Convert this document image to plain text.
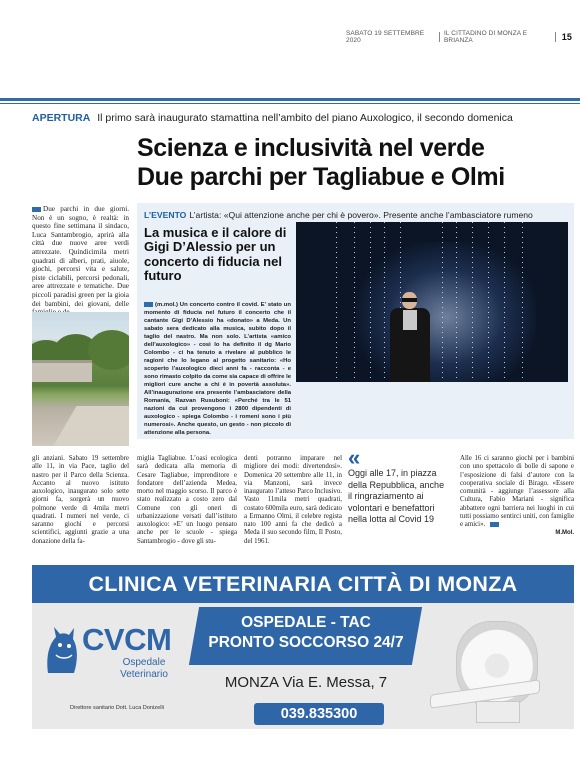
SABATO 19 SETTEMBRE 2020
IL CITTADINO DI MONZA E BRIANZA	15
APERTURA Il primo sarà inaugurato stamattina nell’ambito del piano Auxologico, il secondo domenica
Scienza e inclusività nel verde
Due parchi per Tagliabue e Olmi
Due parchi in due giorni. Non è un sogno, è realtà: in questo fine settimana il sindaco, Luca Santambrogio, aprirà alla città due nuove aree verdi attrezzate. Quindicimila metri quadrati di alberi, prati, aiuole, giochi, percorsi vita e salute, piste ciclabili, percorsi pedonali, aree attrezzate e tematiche. Due piccoli paradisi green per la gioia dei bambini, dei giovani, delle
L’EVENTO L’artista: «Qui attenzione anche per chi è povero». Presente anche l’ambasciatore rumeno
La musica e il calore di Gigi D’Alessio per un concerto di fiducia nel futuro
(m.mol.) Un concerto contro il covid. E’ stato un momento di fiducia nel futuro il concerto che il cantante Gigi D’Alessio ha «donato» a Meda. Un sabato sera dedicato alla musica, subito dopo il taglio del nastro. Ma non solo. L’artista «amico dell’auxologico» - così lo ha definito il dg Mario Colombo - ci ha tenuto a rivelare al pubblico le ragioni che lo legano al progetto sanitario: «Ho scoperto l’auxologico dieci anni fa - racconta - e sono rimasto colpito da come sia capace di offrire le migliori cure anche a chi è in povertà assoluta». All’inaugurazione era presente l’ambasciatore della Romania, Razvan Rusuboni: «Perché tra le 51 nazioni da cui provengono i 2800 dipendenti di auxologico - spiega Colombo - i romeni sono i più numerosi». Anche questo, un gesto - non piccolo di attenzione alla persona.
gli anziani. Sabato 19 settembre alle 11, in via Pace, taglio del nastro per il Parco della Scienza. Accanto al nuovo istituto auxologico, inaugurato solo sette giorni fa, sorgerà un nuovo polmone verde di 4mila metri quadrati. I numeri nel verde, ci saranno giochi e percorsi scientifici, aggiunti grazie a una donazione della fa-
miglia Tagliabue. L’oasi ecologica sarà dedicata alla memoria di Cesare Tagliabue, imprenditore e fondatore dell’azienda Medea, morto nel maggio scorso. Il parco è stato realizzato a costo zero dal Comune con gli oneri di urbanizzazione versati dall’istituto auxologico: «E’ un luogo pensato anche per le scuole - spiega Santambrogio - dove gli stu-
denti potranno imparare nel migliore dei modi: divertendosi». Domenica 20 settembre alle 11, in via Manzoni, sarà invece inaugurato l’atteso Parco Inclusivo. Vasto 11mila metri quadrati, costato 600mila euro, sarà dedicato a Ermanno Olmi, il celebre regista nato 100 anni fa che dedicò a Meda il suo secondo film, Il Posto, del 1961.
«
Oggi alle 17, in piazza della Repubblica, anche il ringraziamento ai volontari e benefattori nella lotta al Covid 19
Alle 16 ci saranno giochi per i bambini con uno spettacolo di bolle di sapone e l’esposizione di falsi d’autore con la cooperativa sociale di Birago. «Essere comunità - aggiunge l’assessore alla Cultura, Fabio Mariani - significa abbattere ogni barriera nei luoghi in cui tutti possiamo sentirci uniti, con famiglie e amici».
M.Mol.
CLINICA VETERINARIA CITTÀ DI MONZA
CVCM
Ospedale
Veterinario
Direttore sanitario Dott. Luca Donizelli
OSPEDALE - TAC
PRONTO SOCCORSO 24/7
MONZA Via E. Messa, 7
039.835300
